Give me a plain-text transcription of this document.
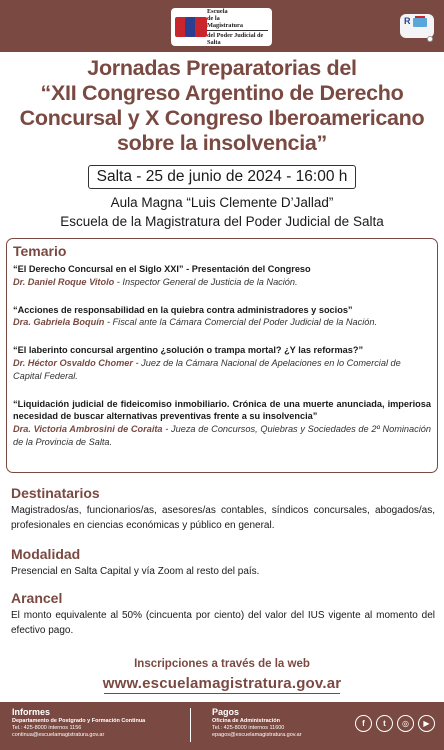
Escuela
de la
Magistratura
del Poder Judicial de Salta
R
Jornadas Preparatorias del
“XII Congreso Argentino de Derecho
Concursal y X Congreso Iberoamericano
sobre la insolvencia”
Salta - 25 de junio de 2024 - 16:00 h
Aula Magna “Luis Clemente D’Jallad”
Escuela de la Magistratura del Poder Judicial de Salta
Temario
“El Derecho Concursal en el Siglo XXI” - Presentación del Congreso
Dr. Daniel Roque Vitolo - Inspector General de Justicia de la Nación.
“Acciones de responsabilidad en la quiebra contra administradores y socios”
Dra. Gabriela Boquín - Fiscal ante la Cámara Comercial del Poder Judicial de la Nación.
“El laberinto concursal argentino ¿solución o trampa mortal? ¿Y las reformas?”
Dr. Héctor Osvaldo Chomer - Juez de la Cámara Nacional de Apelaciones en lo Comercial de Capital Federal.
“Liquidación judicial de fideicomiso inmobiliario. Crónica de una muerte anunciada, imperiosa necesidad de buscar alternativas preventivas frente a su insolvencia”
Dra. Victoria Ambrosini de Coraita - Jueza de Concursos, Quiebras y Sociedades de 2º Nominación de la Provincia de Salta.
Destinatarios
Magistrados/as, funcionarios/as, asesores/as contables, síndicos concursales, abogados/as, profesionales en ciencias económicas y público en general.
Modalidad
Presencial en Salta Capital y vía Zoom al resto del país.
Arancel
El monto equivalente al 50% (cincuenta por ciento) del valor del IUS vigente al momento del efectivo pago.
Inscripciones a través de la web
www.escuelamagistratura.gov.ar
Informes
Departamento de Postgrado y Formación Continua
Tel.: 425-8000 internos 1156
continua@escuelamagistratura.gov.ar
Pagos
Oficina de Administración
Tel.: 425-8000 internos 11600
epagos@escuelamagistratura.gov.ar
f	t	◎	▶
